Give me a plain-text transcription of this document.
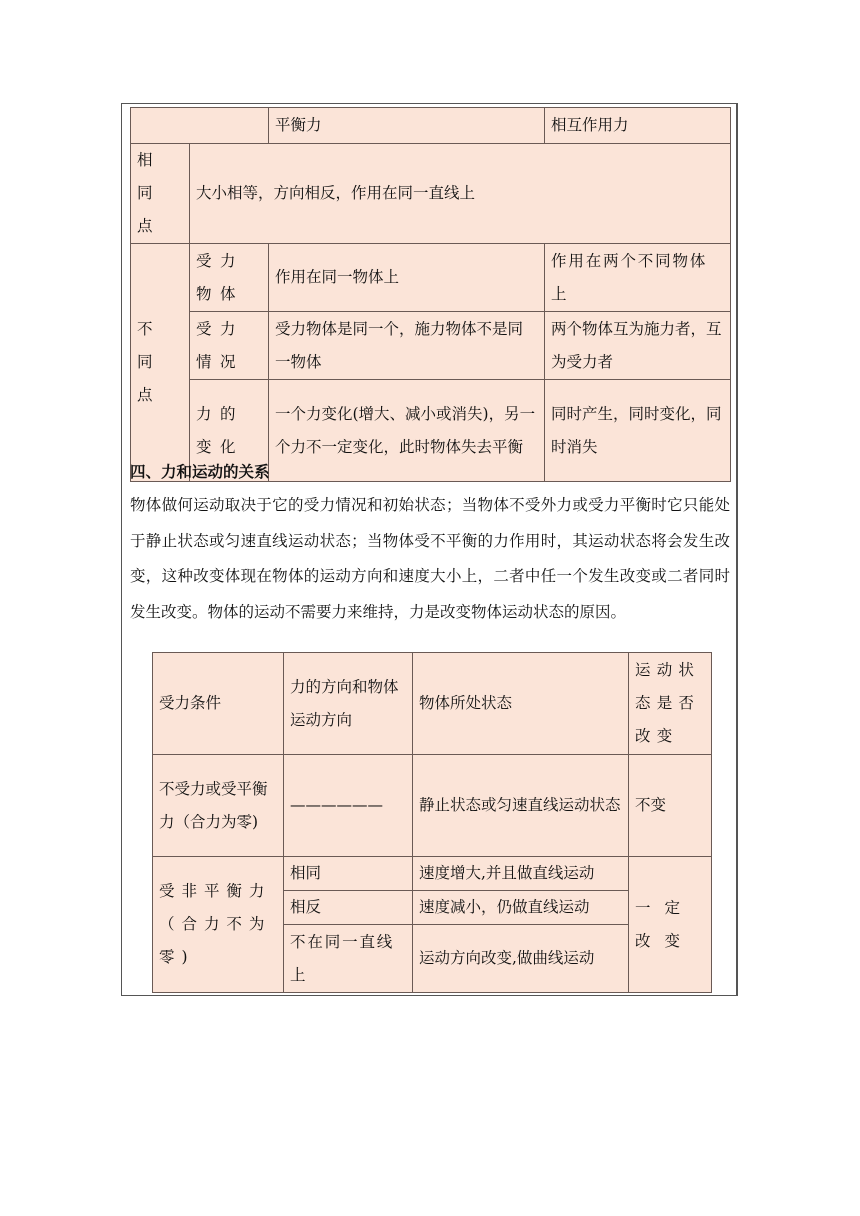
		平衡力	相互作用力
相同点	大小相等，方向相反，作用在同一直线上		
不同点	受力物体	作用在同一物体上	作用在两个不同物体上
	受力情况	受力物体是同一个，施力物体不是同一物体	两个物体互为施力者，互为受力者
	力的变化	一个力变化(增大、减小或消失)，另一个力不一定变化，此时物体失去平衡	同时产生，同时变化，同时消失
四、力和运动的关系
物体做何运动取决于它的受力情况和初始状态；当物体不受外力或受力平衡时它只能处于静止状态或匀速直线运动状态；当物体受不平衡的力作用时，其运动状态将会发生改变，这种改变体现在物体的运动方向和速度大小上，二者中任一个发生改变或二者同时发生改变。物体的运动不需要力来维持，力是改变物体运动状态的原因。
受力条件	力的方向和物体运动方向	物体所处状态	运动状态是否改变
不受力或受平衡力（合力为零)	——————	静止状态或匀速直线运动状态	不变
受非平衡力（合力不为零)	相同	速度增大,并且做直线运动	一定改变
	相反	速度减小，仍做直线运动	
	不在同一直线上	运动方向改变,做曲线运动	
